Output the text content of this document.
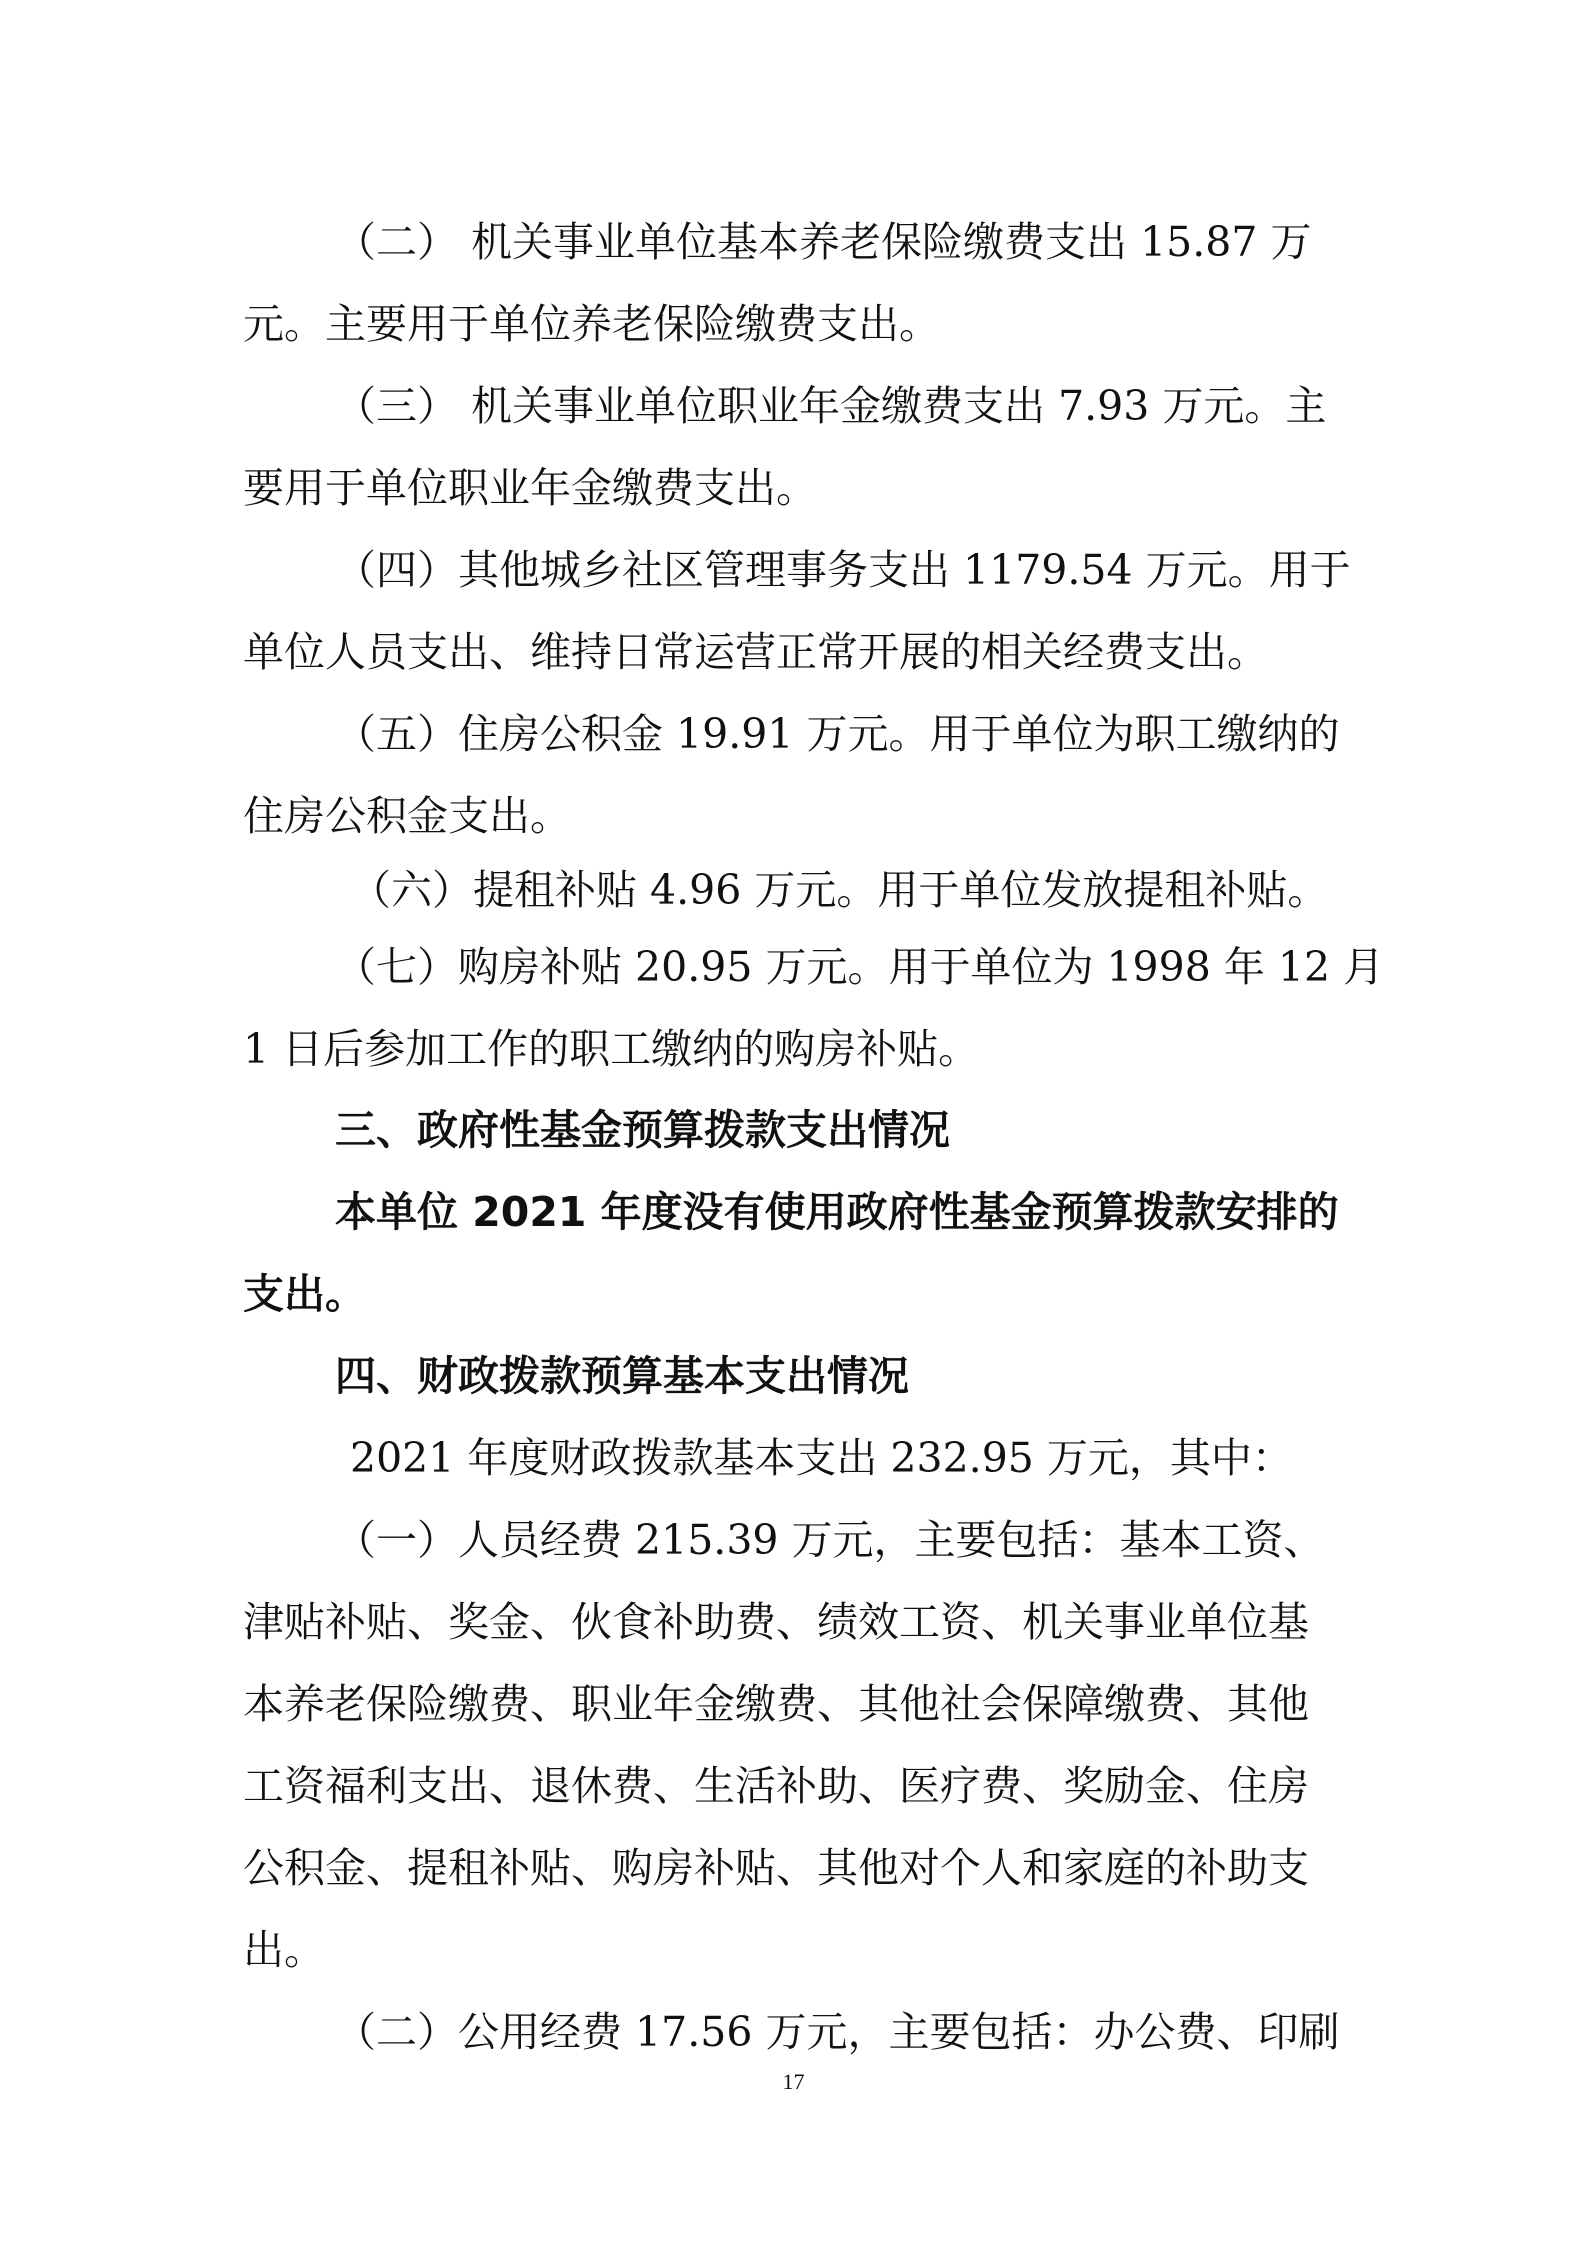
（二） 机关事业单位基本养老保险缴费支出 15.87 万
元。主要用于单位养老保险缴费支出。
（三） 机关事业单位职业年金缴费支出 7.93 万元。主
要用于单位职业年金缴费支出。
（四）其他城乡社区管理事务支出 1179.54 万元。用于
单位人员支出、维持日常运营正常开展的相关经费支出。
（五）住房公积金 19.91 万元。用于单位为职工缴纳的
住房公积金支出。
（六）提租补贴 4.96 万元。用于单位发放提租补贴。
（七）购房补贴 20.95 万元。用于单位为 1998 年 12 月
1 日后参加工作的职工缴纳的购房补贴。
三、政府性基金预算拨款支出情况
本单位 2021 年度没有使用政府性基金预算拨款安排的
支出。
四、财政拨款预算基本支出情况
2021 年度财政拨款基本支出 232.95 万元，其中：
（一）人员经费 215.39 万元，主要包括：基本工资、
津贴补贴、奖金、伙食补助费、绩效工资、机关事业单位基
本养老保险缴费、职业年金缴费、其他社会保障缴费、其他
工资福利支出、退休费、生活补助、医疗费、奖励金、住房
公积金、提租补贴、购房补贴、其他对个人和家庭的补助支
出。
（二）公用经费 17.56 万元，主要包括：办公费、印刷
17
